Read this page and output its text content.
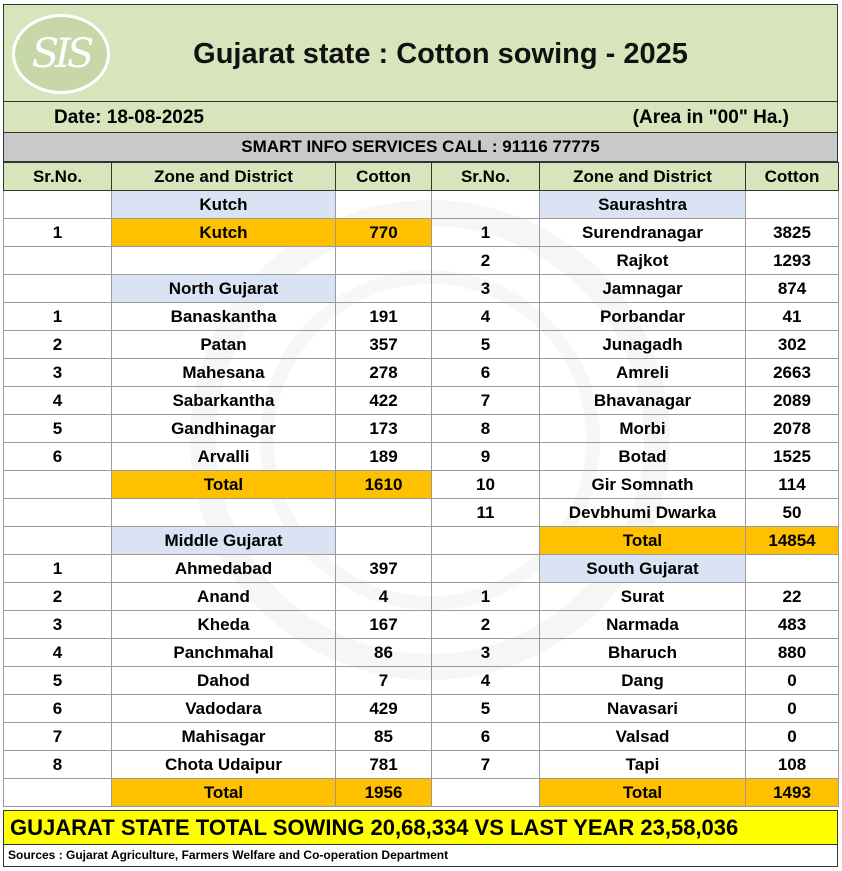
SIS	Gujarat state : Cotton sowing - 2025
Date: 18-08-2025	(Area in "00" Ha.)
SMART INFO SERVICES CALL : 91116 77775
Sr.No.	Zone and District	Cotton	Sr.No.	Zone and District	Cotton
	Kutch			Saurashtra	
1	Kutch	770	1	Surendranagar	3825
			2	Rajkot	1293
	North Gujarat		3	Jamnagar	874
1	Banaskantha	191	4	Porbandar	41
2	Patan	357	5	Junagadh	302
3	Mahesana	278	6	Amreli	2663
4	Sabarkantha	422	7	Bhavanagar	2089
5	Gandhinagar	173	8	Morbi	2078
6	Arvalli	189	9	Botad	1525
	Total	1610	10	Gir Somnath	114
			11	Devbhumi Dwarka	50
	Middle Gujarat			Total	14854
1	Ahmedabad	397		South Gujarat	
2	Anand	4	1	Surat	22
3	Kheda	167	2	Narmada	483
4	Panchmahal	86	3	Bharuch	880
5	Dahod	7	4	Dang	0
6	Vadodara	429	5	Navasari	0
7	Mahisagar	85	6	Valsad	0
8	Chota Udaipur	781	7	Tapi	108
	Total	1956		Total	1493
GUJARAT STATE TOTAL SOWING 20,68,334 VS LAST YEAR 23,58,036
Sources : Gujarat Agriculture, Farmers Welfare and Co-operation Department
